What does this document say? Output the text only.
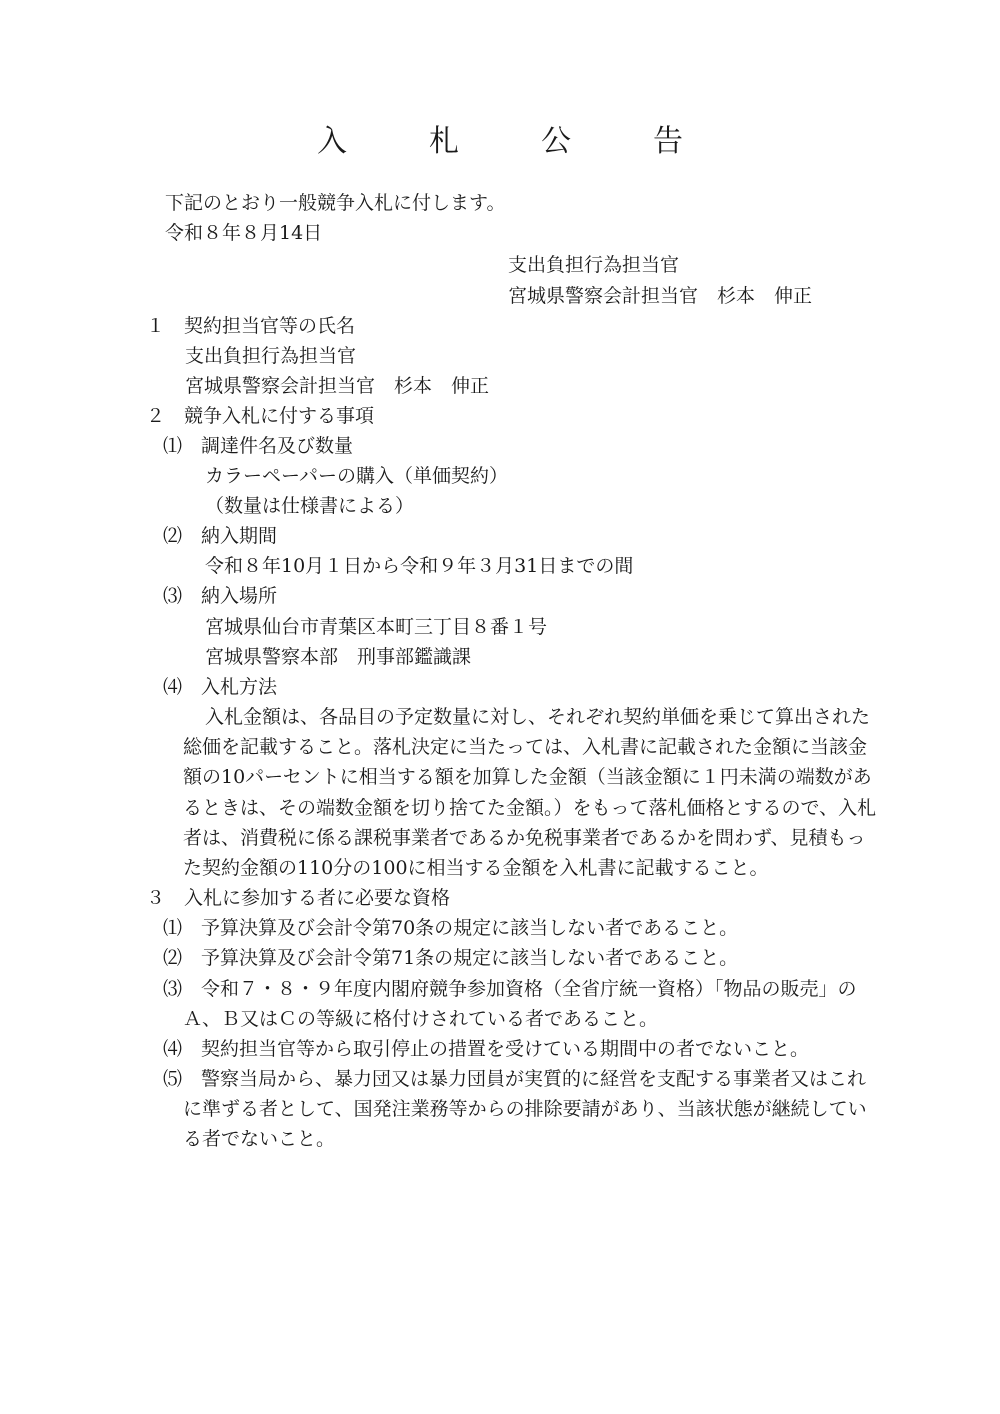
入　札　公　告
下記のとおり一般競争入札に付します。
令和８年８月14日
支出負担行為担当官
宮城県警察会計担当官　杉本　伸正
１　契約担当官等の氏名
支出負担行為担当官
宮城県警察会計担当官　杉本　伸正
２　競争入札に付する事項
⑴　調達件名及び数量
カラーペーパーの購入（単価契約）
（数量は仕様書による）
⑵　納入期間
令和８年10月１日から令和９年３月31日までの間
⑶　納入場所
宮城県仙台市青葉区本町三丁目８番１号
宮城県警察本部　刑事部鑑識課
⑷　入札方法
入札金額は、各品目の予定数量に対し、それぞれ契約単価を乗じて算出された
総価を記載すること。落札決定に当たっては、入札書に記載された金額に当該金
額の10パーセントに相当する額を加算した金額（当該金額に１円未満の端数があ
るときは、その端数金額を切り捨てた金額。）をもって落札価格とするので、入札
者は、消費税に係る課税事業者であるか免税事業者であるかを問わず、見積もっ
た契約金額の110分の100に相当する金額を入札書に記載すること。
３　入札に参加する者に必要な資格
⑴　予算決算及び会計令第70条の規定に該当しない者であること。
⑵　予算決算及び会計令第71条の規定に該当しない者であること。
⑶　令和７・８・９年度内閣府競争参加資格（全省庁統一資格）「物品の販売」の
Ａ、Ｂ又はＣの等級に格付けされている者であること。
⑷　契約担当官等から取引停止の措置を受けている期間中の者でないこと。
⑸　警察当局から、暴力団又は暴力団員が実質的に経営を支配する事業者又はこれ
に準ずる者として、国発注業務等からの排除要請があり、当該状態が継続してい
る者でないこと。
